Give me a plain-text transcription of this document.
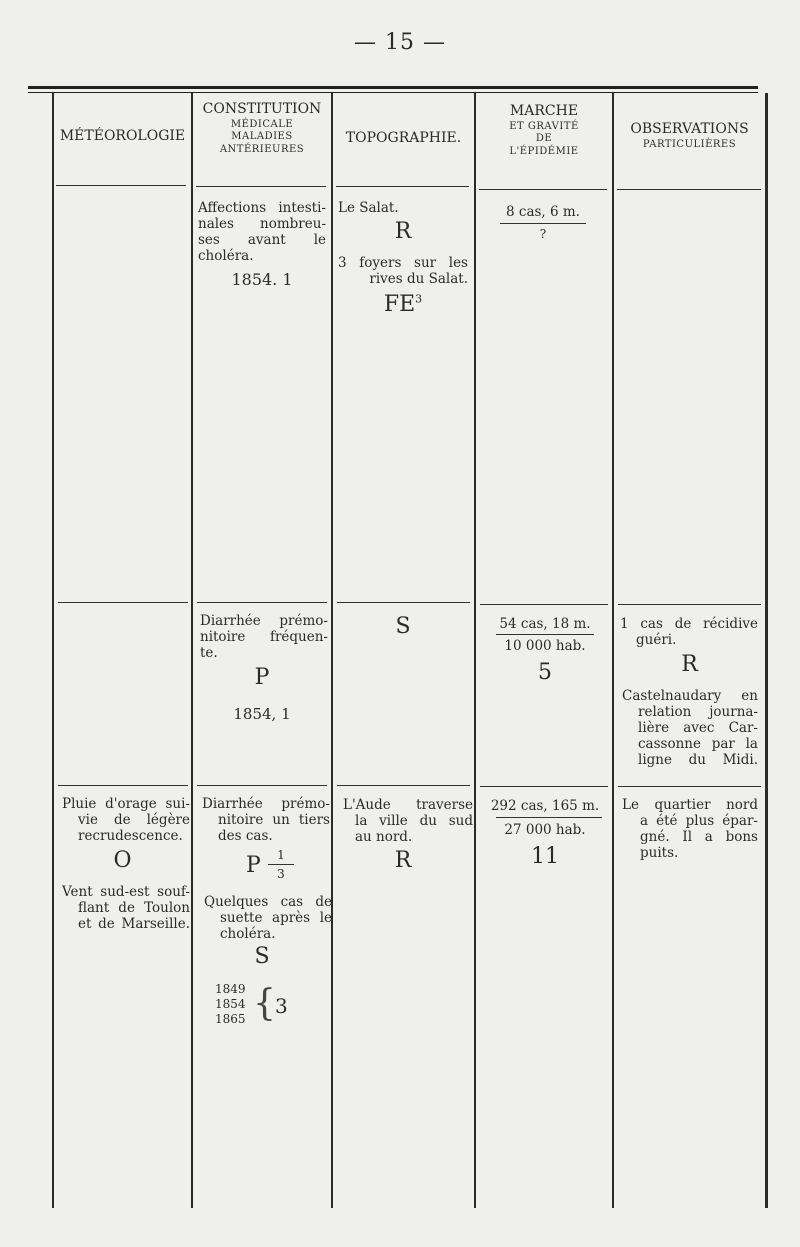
— 15 —
MÉTÉOROLOGIE
CONSTITUTION
MÉDICALE
MALADIES
ANTÉRIEURES
TOPOGRAPHIE.
MARCHE
ET GRAVITÉ
DE
L'ÉPIDÉMIE
OBSERVATIONS
PARTICULIÈRES
Affections intesti-
nales nombreu-
ses avant le
choléra.
1854. 1
Le Salat.
R
3 foyers sur les
rives du Salat.
$FE^3$
8 cas, 6 m.
?
Diarrhée prémo-
nitoire fréquen-
te.
P
1854, 1
S	54 cas, 18 m.
10 000 hab.
5
1 cas de récidive
guéri.
R
Castelnaudary en
relation journa-
lière avec Car-
cassonne par la
ligne du Midi.
Pluie d'orage sui-
vie de légère
recrudescence.
O
Vent sud-est souf-
flant de Toulon
et de Marseille.
Diarrhée prémo-
nitoire un tiers
des cas.
P	1
3
Quelques cas de
suette après le
choléra.
S
1849
1854
1865 { 3
L'Aude traverse
la ville du sud
au nord.
R
292 cas, 165 m.
27 000 hab.
11
Le quartier nord
a été plus épar-
gné. Il a bons
puits.
